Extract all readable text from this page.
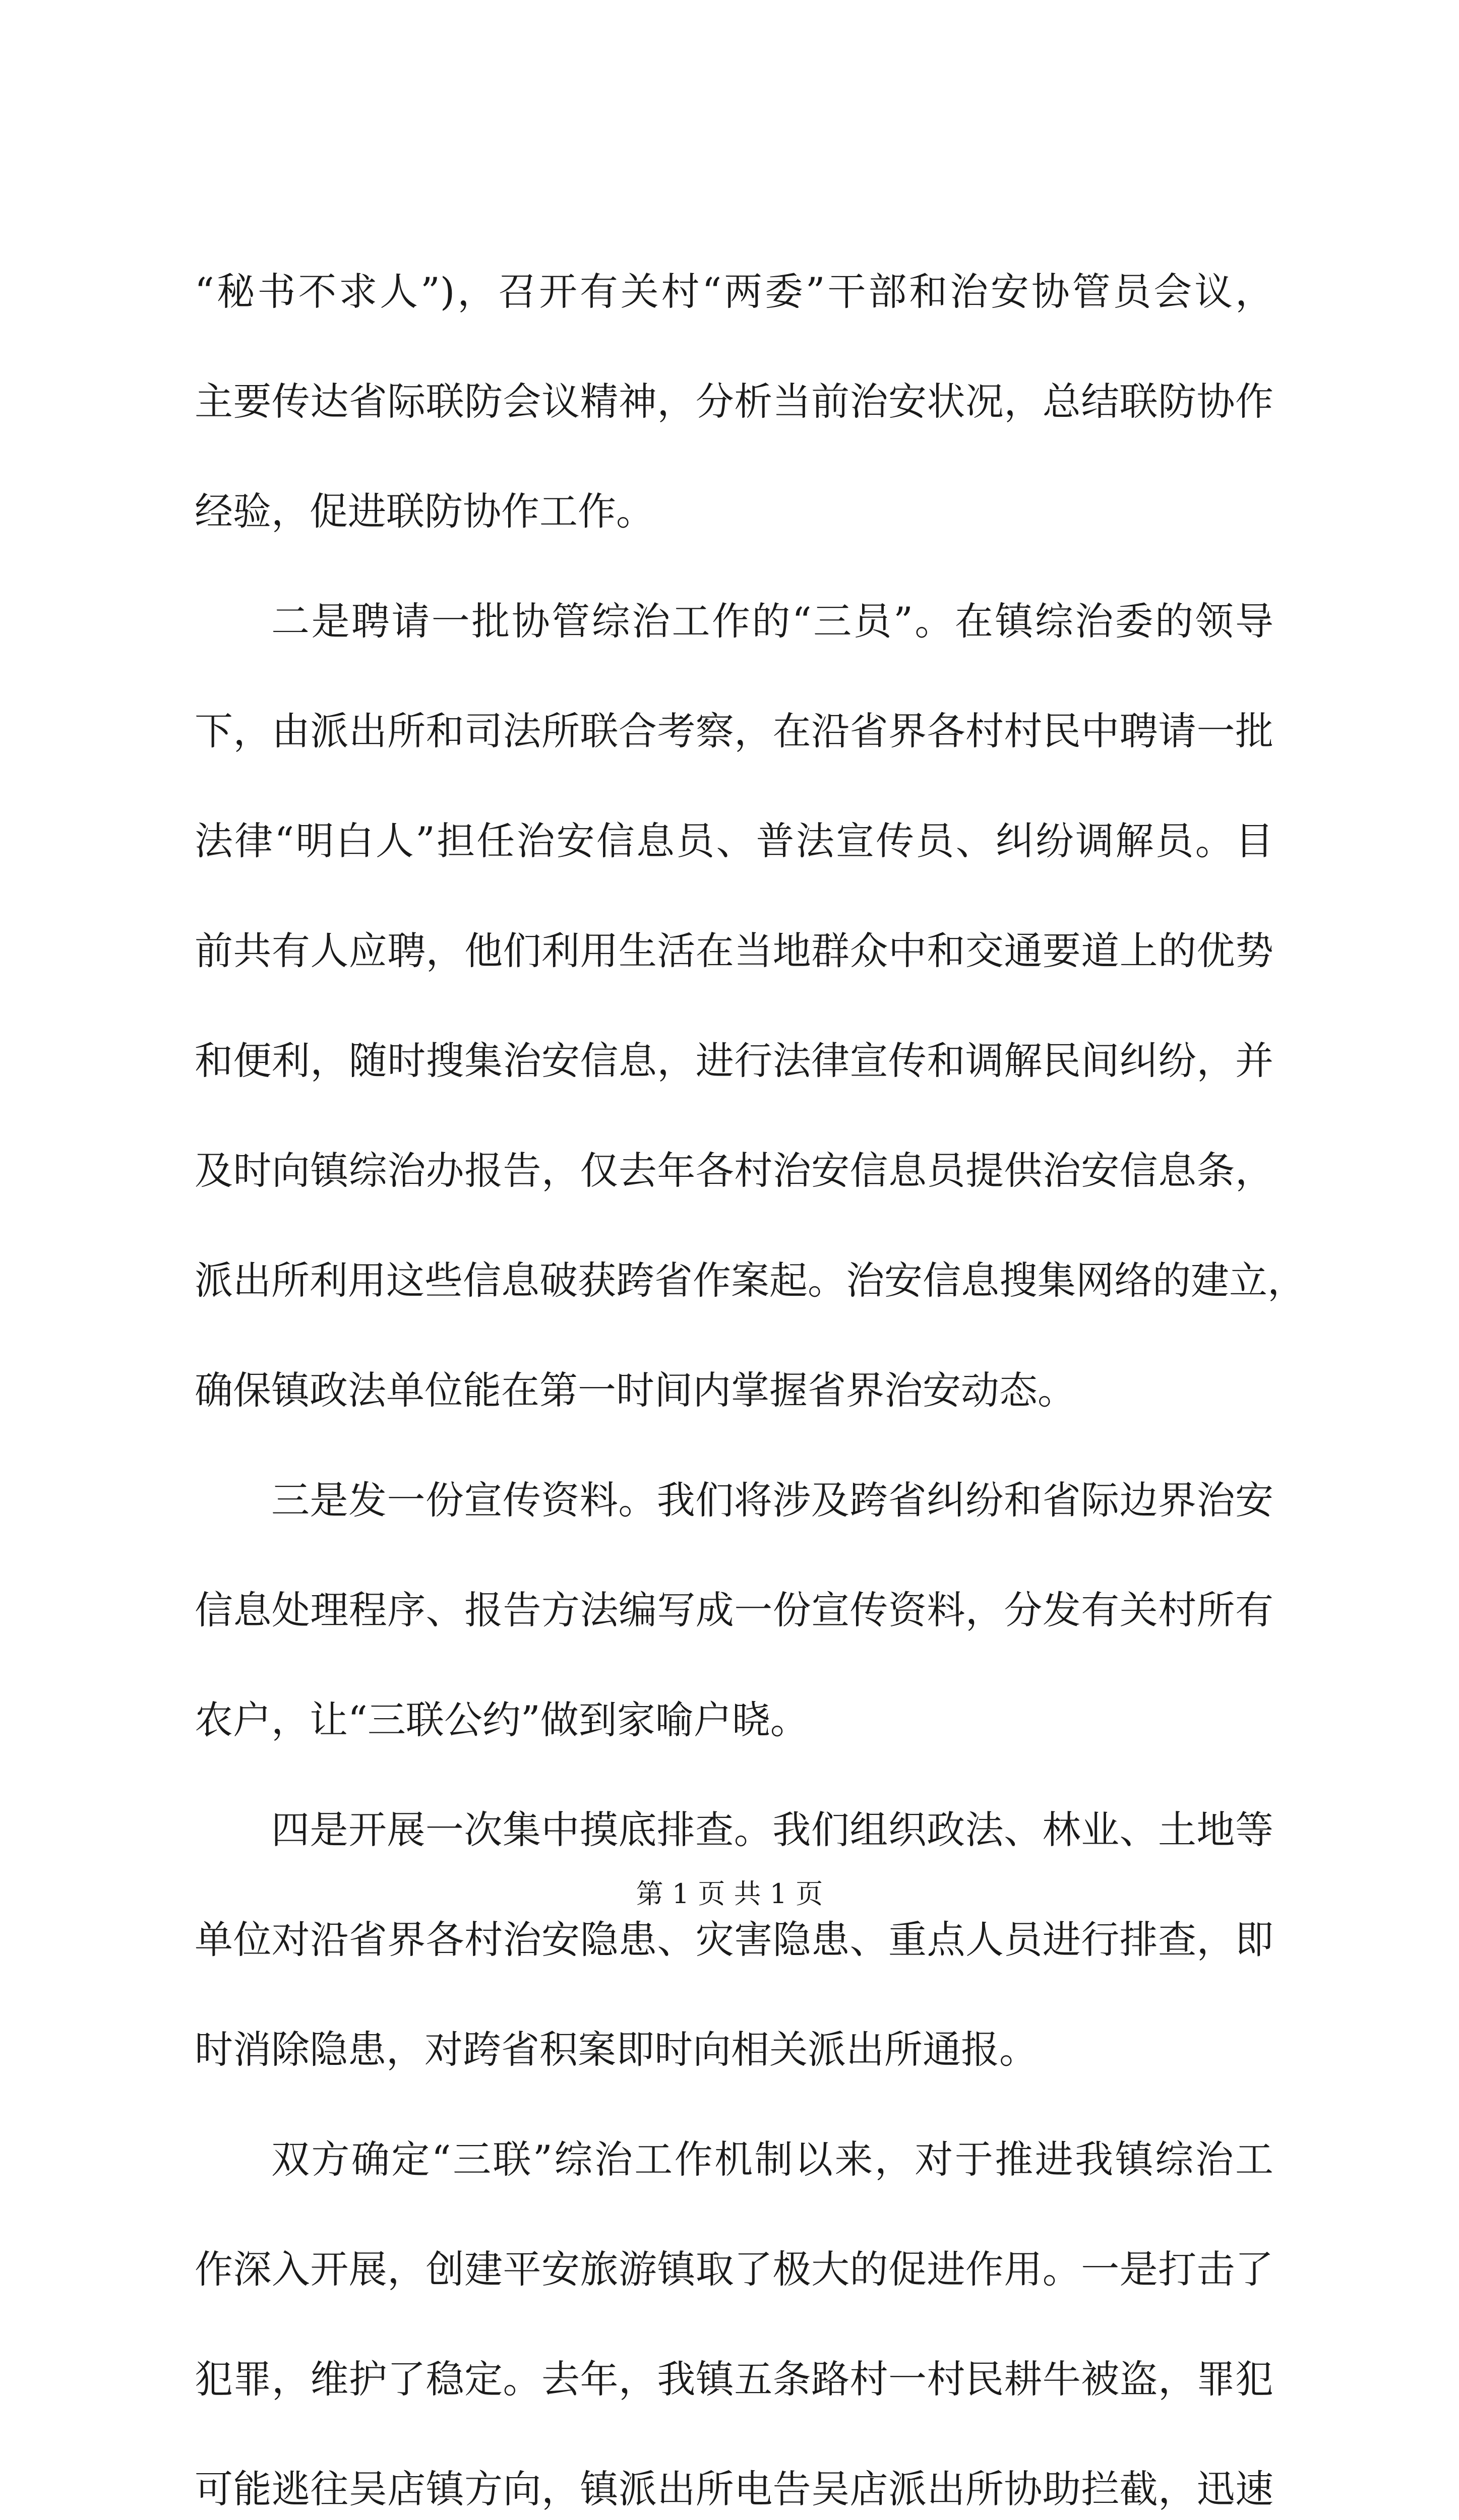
“秘书不求人”)，召开有关村“两委”干部和治安协管员会议，
主要传达省际联防会议精神，分析当前治安状况，总结联防协作
经验，促进联防协作工作。
二是聘请一批协管综治工作的“三员”。在镇综治委的领导
下，由派出所和司法所联合考察，在沿省界各村村民中聘请一批
法律“明白人”担任治安信息员、普法宣传员、纠纷调解员。目
前共有人应聘，他们利用生活在当地群众中和交通要道上的优势
和便利，随时搜集治安信息，进行法律宣传和调解民间纠纷，并
及时向镇综治办报告，仅去年各村治安信息员提供治安信息条，
派出所利用这些信息破获跨省作案起。治安信息搜集网络的建立，
确保镇政法单位能在第一时间内掌握省界治安动态。
三是发一份宣传资料。我们将涉及跨省纠纷和省际边界治安
信息处理程序、报告方法编写成一份宣传资料，分发有关村所有
农户，让“三联公约”做到家喻户晓。
四是开展一次集中摸底排查。我们组织政法、林业、土地等
单位对沿省界各村治安隐患、灾害隐患、重点人员进行排查，即
时消除隐患，对跨省积案即时向相关派出所通报。
双方确定“三联”综治工作机制以来，对于推进我镇综治工
作深入开展，创建平安旅游镇取了极大的促进作用。一是打击了
犯罪，维护了稳定。去年，我镇五条路村一村民耕牛被盗，罪犯
可能逃往吴店镇方向，镇派出所电告吴店派出所协助拦截，迅速
第 1 页 共 1 页
